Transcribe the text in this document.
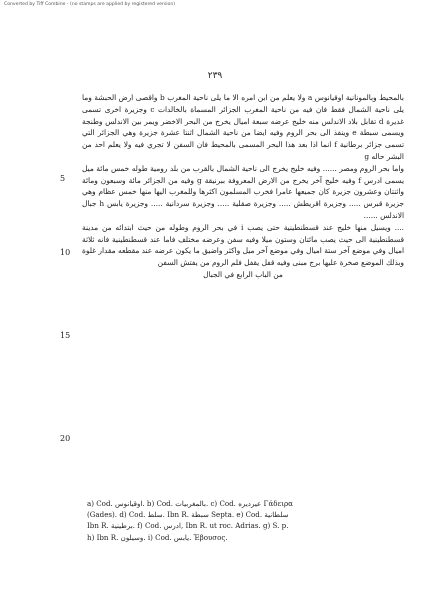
Converted by Tiff Combine - (no stamps are applied by registered version)
٢٣٩
5
10
15
20

بالمحيط وبالمونانية اوقيانوس a ولا يعلم من ابن امره الا ما يلى ناحية المغرب b واقصى ارض الحبشة وما يلى ناحية الشمال فقط فان فيه من ناحية المغرب الجزائر المسماة بالخالدات c وجزيرة اخرى تسمى غديرة d تقابل بلاد الاندلس منه خليج عرضه سبعة اميال يخرج من البحر الاخضر ويمر بين الاندلس وطنجة ويسمى سبطة e وينفذ الى بحر الروم وفيه ايضا من ناحية الشمال اثنتا عشرة جزيرة وهي الجزائر التي تسمى جزائر برطانية f انما اذا بعد هذا البحر المسمى بالمحيط فان السفن لا تجري فيه ولا يعلم احد من البشر حاله g

واما بحر الروم ومصر ...... وفيه خليج يخرج الى ناحية الشمال بالقرب من بلد رومية طوله خمس مائة ميل يسمى ادرس f وفيه خليج آخر يخرج من الارض المعروفة ببرنيقة g وفيه من الجزائر مائة وسبعون ومائة واثنتان وعشرون جزيرة كان جميعها عامرا فخرب المسلمون اكثرها وللمغرب اليها منها خمس عظام وهي جزيرة قبرس ..... وجزيرة اقريطش ..... وجزيرة صقلية ..... وجزيرة سردانية ..... وجزيرة يابس h جبال الاندلس ......

.... ويسيل منها خليج عند قسطنطينية حتى يصب i في بحر الروم وطوله من حيث ابتدائه من مدينة قسطنطينية الى حيث يصب مائتان وستون ميلا وفيه سفن وعرضه مختلف فاما عند قسطنطينية فانه ثلاثة اميال وفي موضع آخر ستة اميال وفي موضع آخر ميل واكثر واضيق ما يكون عرضه عند مقطعه مقدار غلوة وبذلك الموضع صخرة عليها برج مبنى وفيه قفل يقفل فلم الروم من يفتش السفن

من الباب الرابع في الجبال

a) Cod. اوقيانوس. b) Cod. بالمغربيات. c) Cod. عيرديره Γάδειρα
(Gades). d) Cod. سلط. Ibn R. سبطة Septa. e) Cod. سلطانية
Ibn R. برطينية. f) Cod. ادرس, Ibn R. ut roc. Adrias. g) S. p.
h) Ibn R. وسيلون. i) Cod. يابس. Ἐβουσος.
